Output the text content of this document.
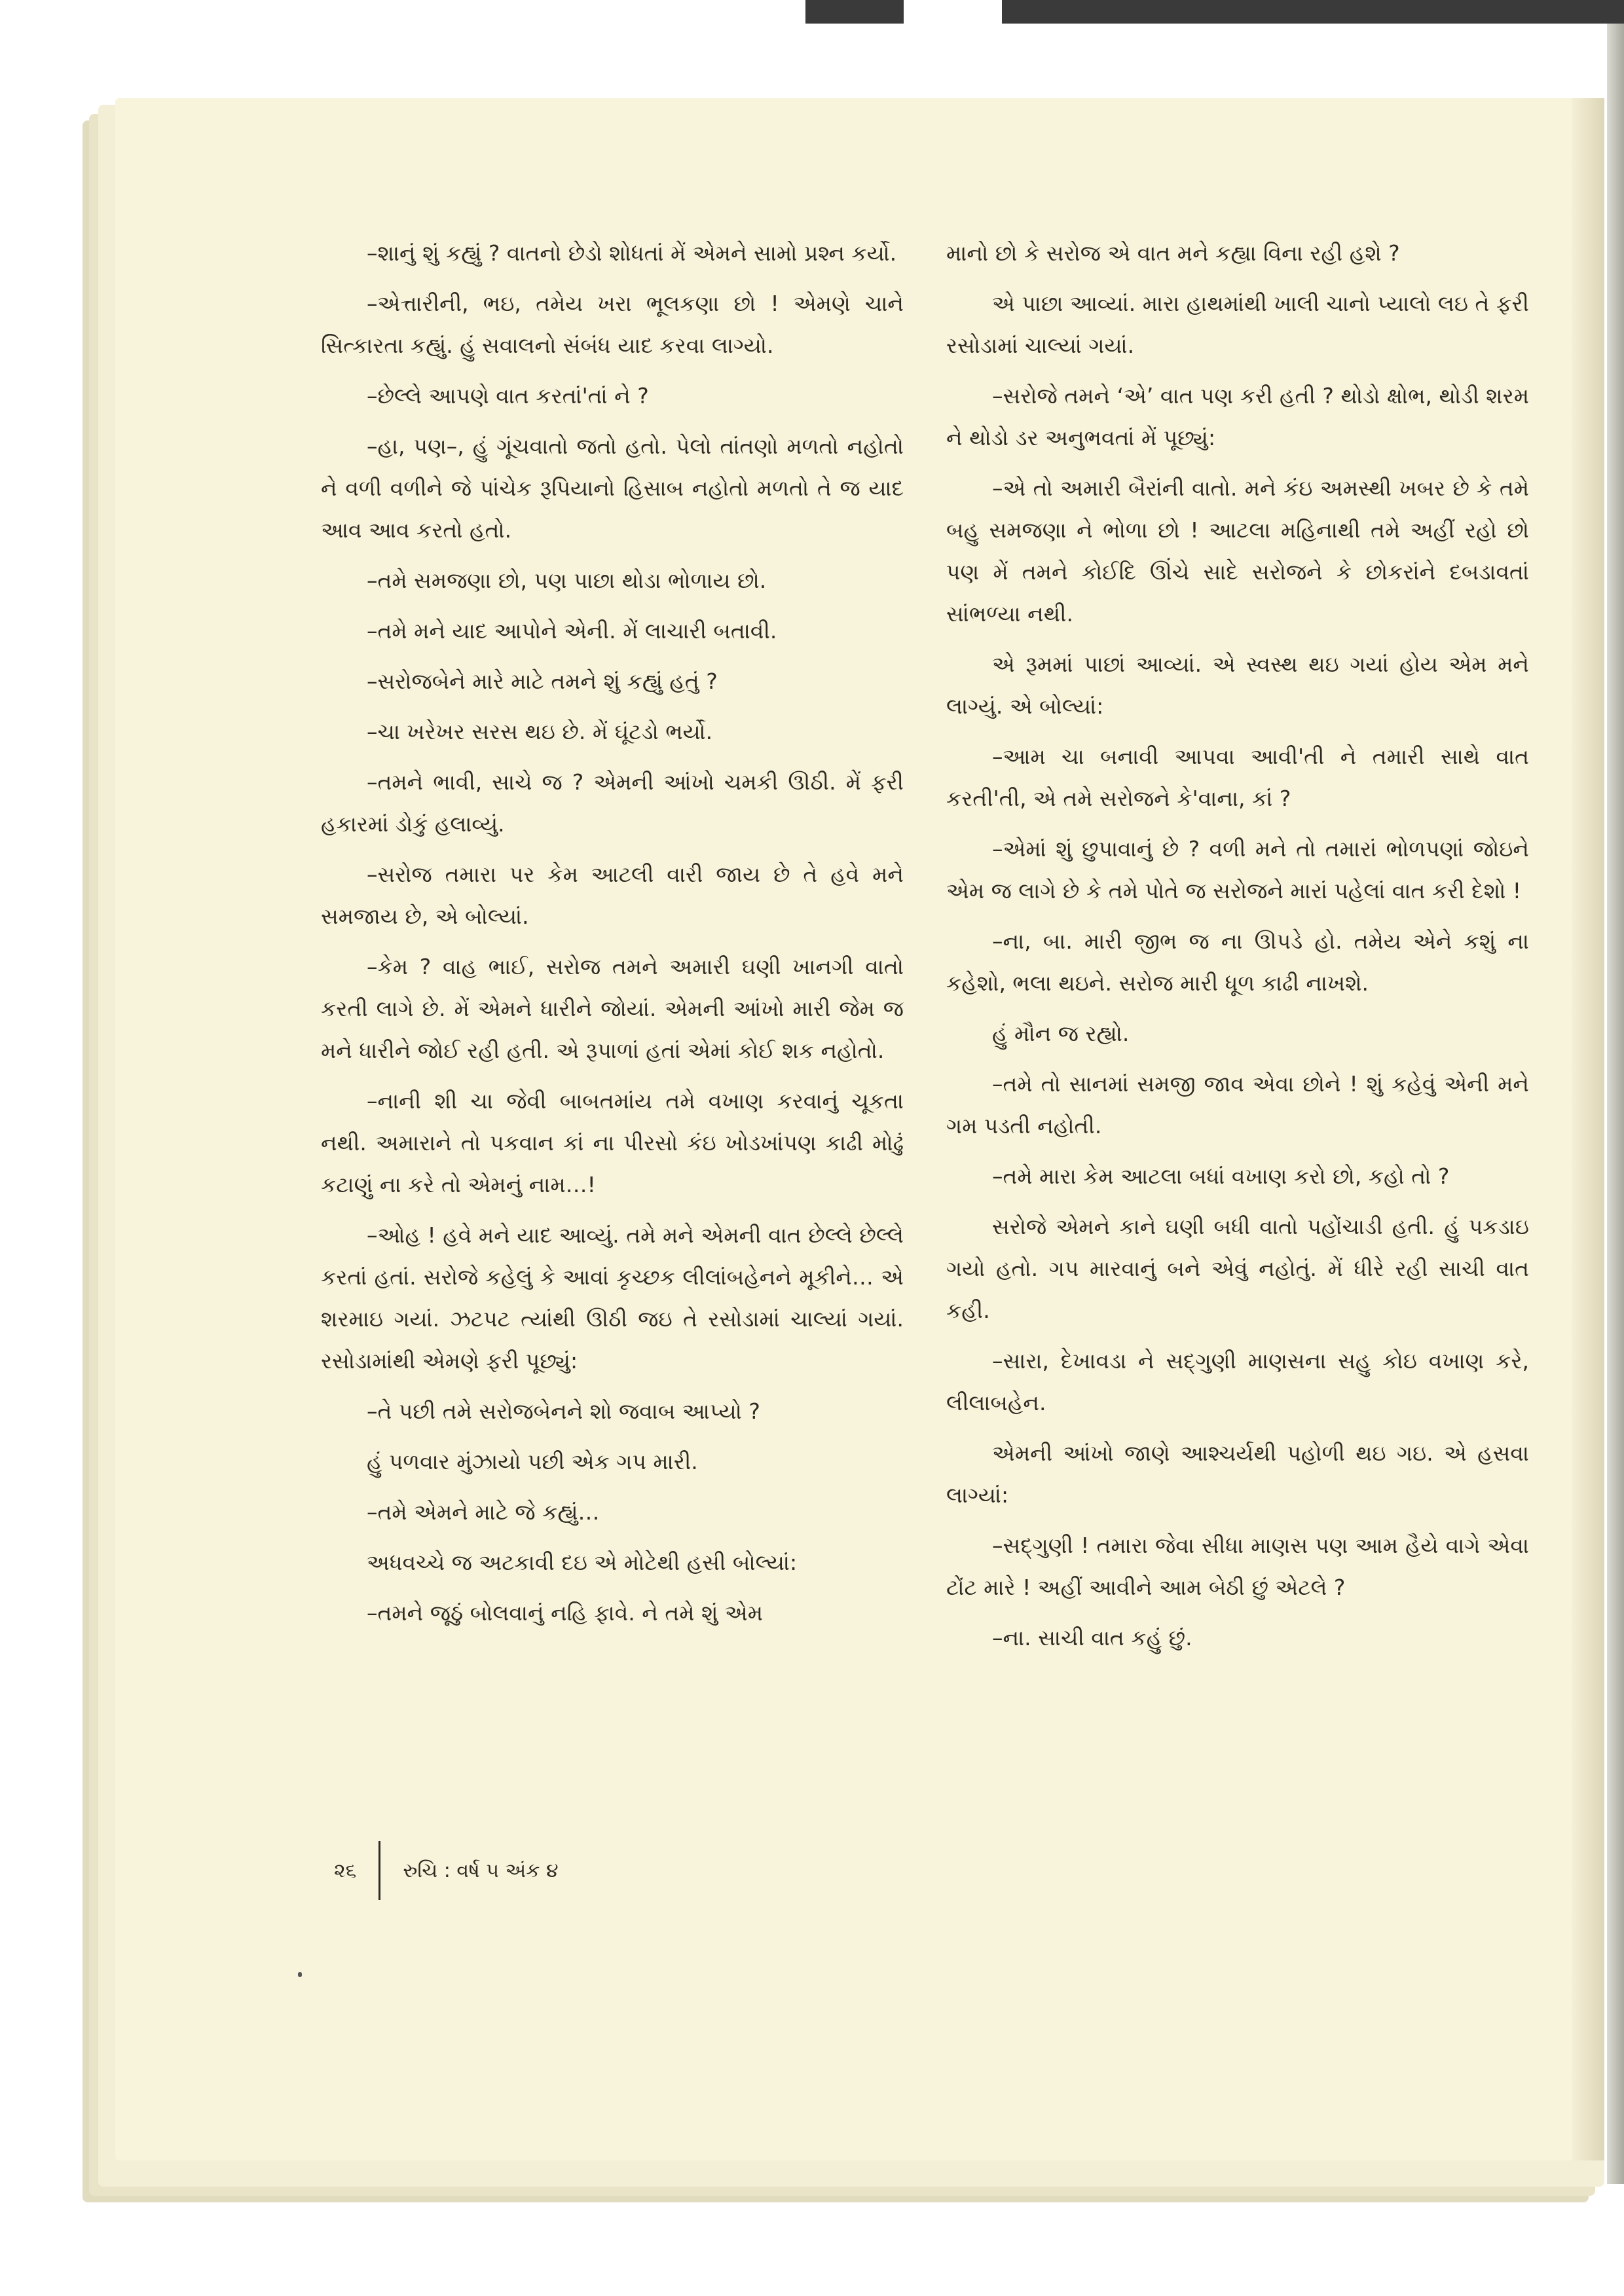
–શાનું શું કહ્યું ? વાતનો છેડો શોધતાં મેં એમને સામો પ્રશ્ન કર્યો.

–એત્તારીની, ભઇ, તમેય ખરા ભૂલકણા છો ! એમણે ચાને સિત્કારતા કહ્યું. હું સવાલનો સંબંધ યાદ કરવા લાગ્યો.

–છેલ્લે આપણે વાત કરતાં'તાં ને ?

–હા, પણ–, હું ગૂંચવાતો જતો હતો. પેલો તાંતણો મળતો નહોતો ને વળી વળીને જે પાંચેક રૂપિયાનો હિસાબ નહોતો મળતો તે જ યાદ આવ આવ કરતો હતો.

–તમે સમજણા છો, પણ પાછા થોડા ભોળાય છો.

–તમે મને યાદ આપોને એની. મેં લાચારી બતાવી.

–સરોજબેને મારે માટે તમને શું કહ્યું હતું ?

–ચા ખરેખર સરસ થઇ છે. મેં ઘૂંટડો ભર્યો.

–તમને ભાવી, સાચે જ ? એમની આંખો ચમકી ઊઠી. મેં ફરી હકારમાં ડોકું હલાવ્યું.

–સરોજ તમારા પર કેમ આટલી વારી જાય છે તે હવે મને સમજાય છે, એ બોલ્યાં.

–કેમ ? વાહ ભાઈ, સરોજ તમને અમારી ઘણી ખાનગી વાતો કરતી લાગે છે. મેં એમને ધારીને જોયાં. એમની આંખો મારી જેમ જ મને ધારીને જોઈ રહી હતી. એ રૂપાળાં હતાં એમાં કોઈ શક નહોતો.

–નાની શી ચા જેવી બાબતમાંય તમે વખાણ કરવાનું ચૂકતા નથી. અમારાને તો પકવાન કાં ના પીરસો કંઇ ખોડખાંપણ કાઢી મોઢું કટાણું ના કરે તો એમનું નામ…!

–ઓહ ! હવે મને યાદ આવ્યું. તમે મને એમની વાત છેલ્લે છેલ્લે કરતાં હતાં. સરોજે કહેલું કે આવાં કૃચ્છક લીલાંબહેનને મૂકીને… એ શરમાઇ ગયાં. ઝટપટ ત્યાંથી ઊઠી જઇ તે રસોડામાં ચાલ્યાં ગયાં. રસોડામાંથી એમણે ફરી પૂછ્યું:

–તે પછી તમે સરોજબેનને શો જવાબ આપ્યો ?

હું પળવાર મુંઝાયો પછી એક ગપ મારી.

–તમે એમને માટે જે કહ્યું…

અધવચ્ચે જ અટકાવી દઇ એ મોટેથી હસી બોલ્યાં:

–તમને જૂઠું બોલવાનું નહિ ફાવે. ને તમે શું એમ

માનો છો કે સરોજ એ વાત મને કહ્યા વિના રહી હશે ?

એ પાછા આવ્યાં. મારા હાથમાંથી ખાલી ચાનો પ્યાલો લઇ તે ફરી રસોડામાં ચાલ્યાં ગયાં.

–સરોજે તમને ‘એ’ વાત પણ કરી હતી ? થોડો ક્ષોભ, થોડી શરમ ને થોડો ડર અનુભવતાં મેં પૂછ્યું:

–એ તો અમારી બૈરાંની વાતો. મને કંઇ અમસ્થી ખબર છે કે તમે બહુ સમજણા ને ભોળા છો ! આટલા મહિનાથી તમે અહીં રહો છો પણ મેં તમને કોઈદિ ઊંચે સાદે સરોજને કે છોકરાંને દબડાવતાં સાંભળ્યા નથી.

એ રૂમમાં પાછાં આવ્યાં. એ સ્વસ્થ થઇ ગયાં હોય એમ મને લાગ્યું. એ બોલ્યાં:

–આમ ચા બનાવી આપવા આવી'તી ને તમારી સાથે વાત કરતી'તી, એ તમે સરોજને કે'વાના, કાં ?

–એમાં શું છુપાવાનું છે ? વળી મને તો તમારાં ભોળપણાં જોઇને એમ જ લાગે છે કે તમે પોતે જ સરોજને મારાં પહેલાં વાત કરી દેશો !

–ના, બા. મારી જીભ જ ના ઊપડે હો. તમેય એને કશું ના કહેશો, ભલા થઇને. સરોજ મારી ધૂળ કાઢી નાખશે.

હું મૌન જ રહ્યો.

–તમે તો સાનમાં સમજી જાવ એવા છોને ! શું કહેવું એની મને ગમ પડતી નહોતી.

–તમે મારા કેમ આટલા બધાં વખાણ કરો છો, કહો તો ?

સરોજે એમને કાને ઘણી બધી વાતો પહોંચાડી હતી. હું પકડાઇ ગયો હતો. ગપ મારવાનું બને એવું નહોતું. મેં ધીરે રહી સાચી વાત કહી.

–સારા, દેખાવડા ને સદ્‌ગુણી માણસના સહુ કોઇ વખાણ કરે, લીલાબહેન.

એમની આંખો જાણે આશ્ચર્યથી પહોળી થઇ ગઇ. એ હસવા લાગ્યાં:

–સદ્‌ગુણી ! તમારા જેવા સીધા માણસ પણ આમ હૈયે વાગે એવા ટોંટ મારે ! અહીં આવીને આમ બેઠી છું એટલે ?

–ના. સાચી વાત કહું છું.

૨૬ રુચિ : વર્ષ ૫ અંક ૪
